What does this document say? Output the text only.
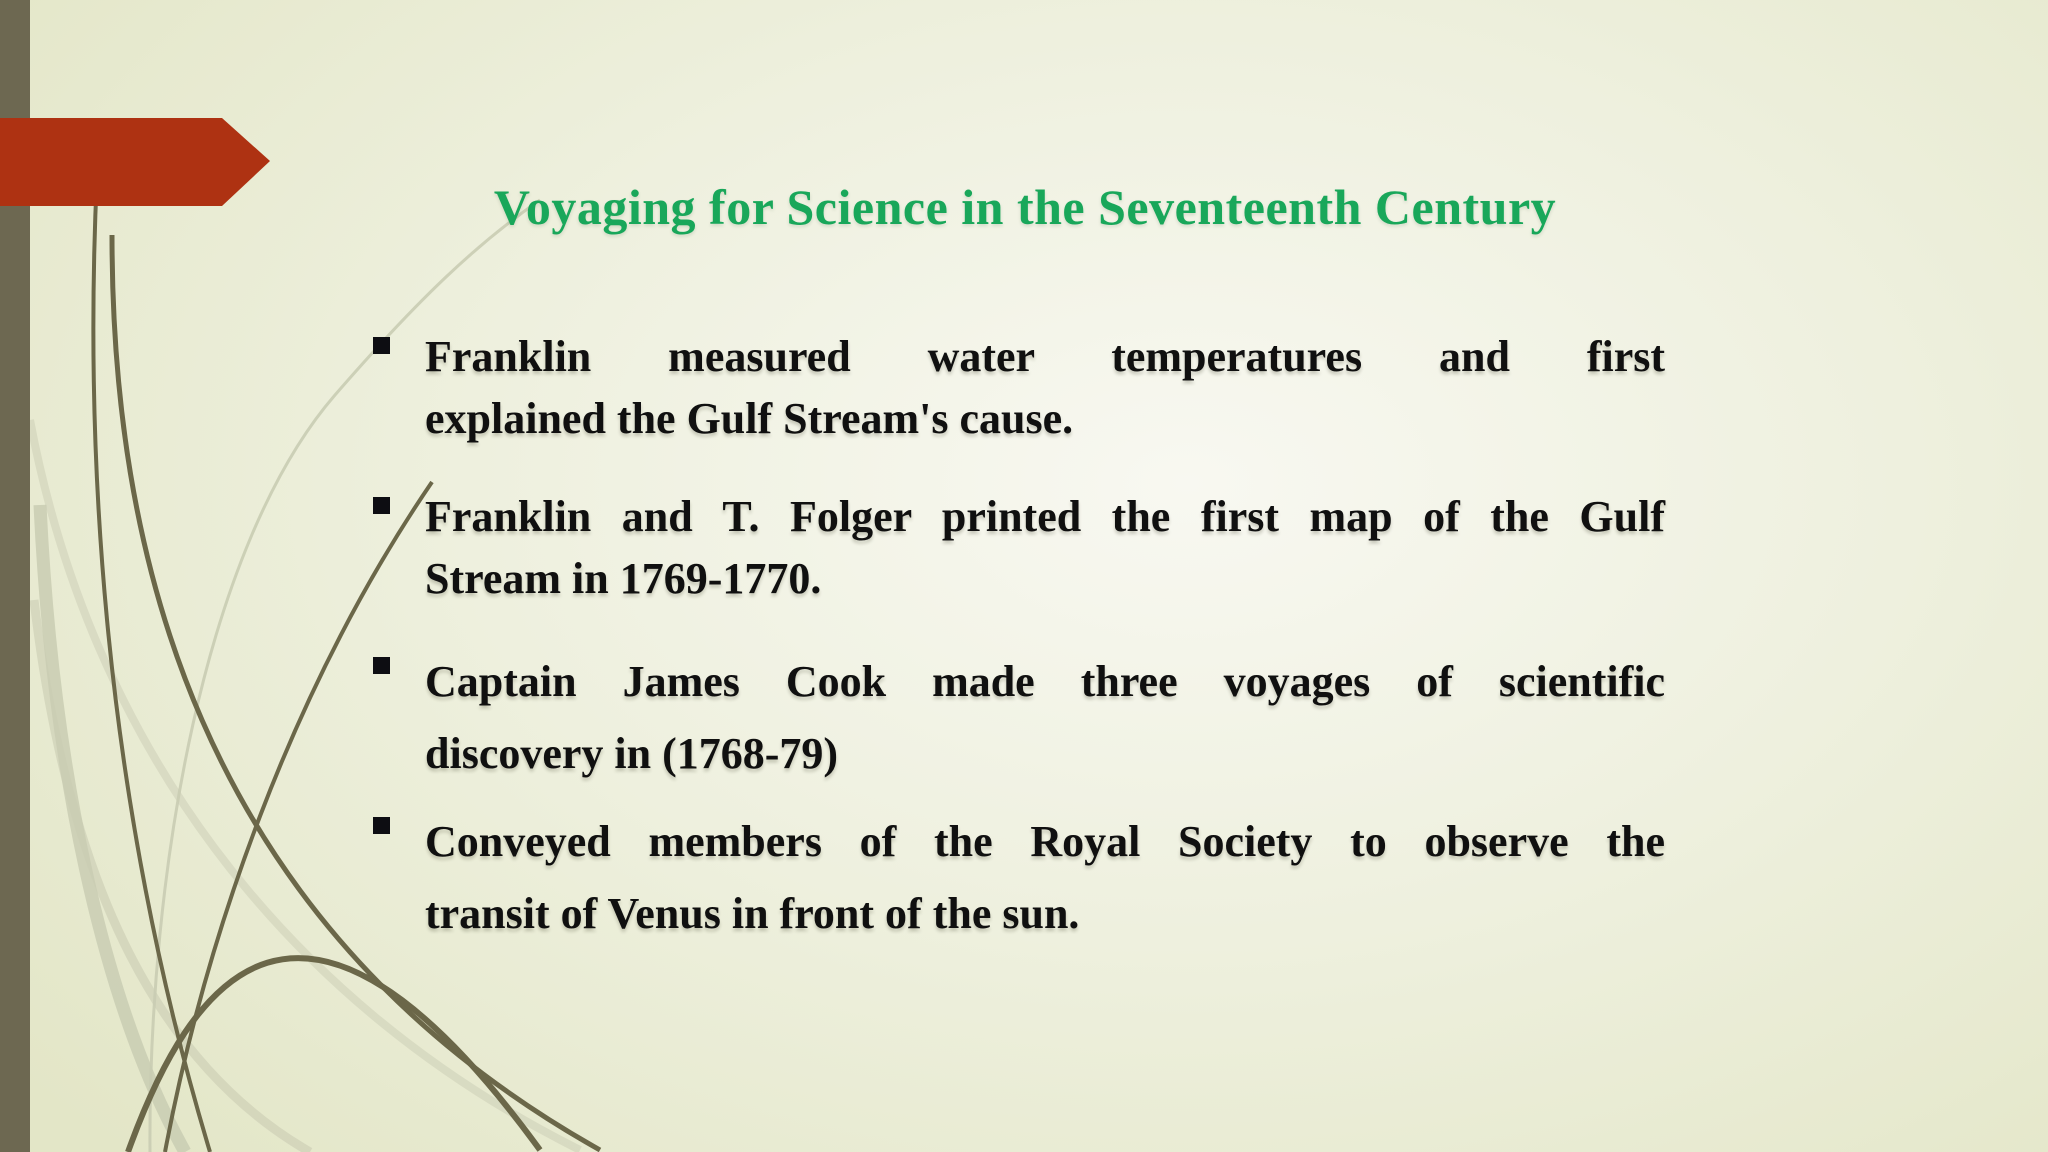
Voyaging for Science in the Seventeenth Century
Franklin measured water temperatures and first
explained the Gulf Stream's cause.
Franklin and T. Folger printed the first map of the Gulf
Stream in 1769-1770.
Captain James Cook made three voyages of scientific
discovery in (1768-79)
Conveyed members of the Royal Society to observe the
transit of Venus in front of the sun.
